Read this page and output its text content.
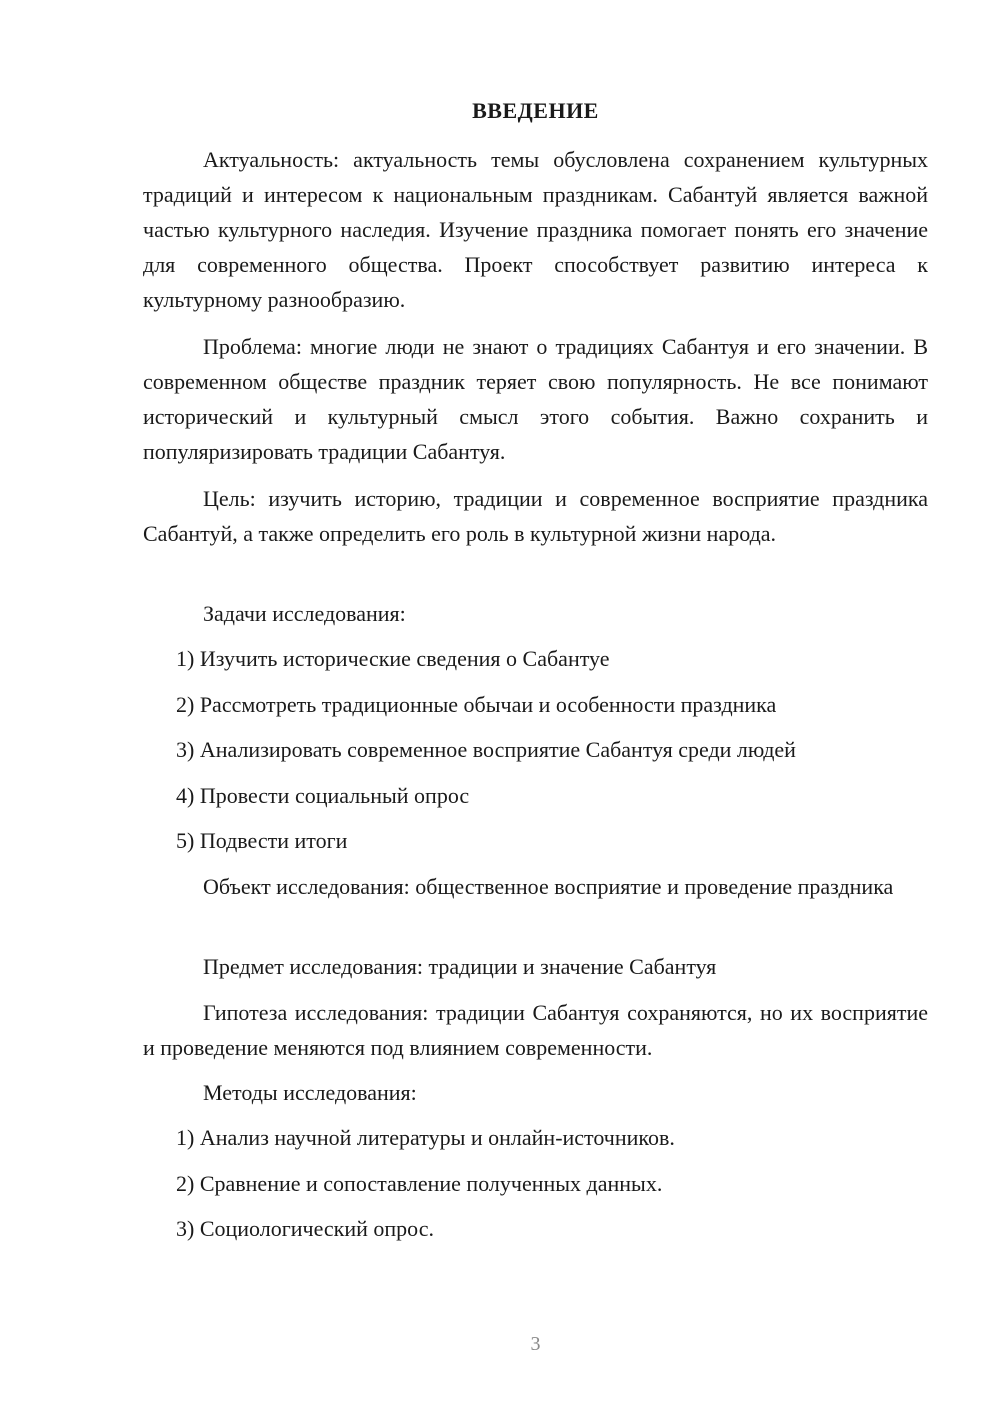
ВВЕДЕНИЕ

Актуальность: актуальность темы обусловлена сохранением культурных традиций и интересом к национальным праздникам. Сабантуй является важной частью культурного наследия. Изучение праздника помогает понять его значение для современного общества. Проект способствует развитию интереса к культурному разнообразию.

Проблема: многие люди не знают о традициях Сабантуя и его значении. В современном обществе праздник теряет свою популярность. Не все понимают исторический и культурный смысл этого события. Важно сохранить и популяризировать традиции Сабантуя.

Цель: изучить историю, традиции и современное восприятие праздника Сабантуй, а также определить его роль в культурной жизни народа.

Задачи исследования:

1) Изучить исторические сведения о Сабантуе

2) Рассмотреть традиционные обычаи и особенности праздника

3) Анализировать современное восприятие Сабантуя среди людей

4) Провести социальный опрос

5) Подвести итоги

Объект исследования: общественное восприятие и проведение праздника

Предмет исследования: традиции и значение Сабантуя

Гипотеза исследования: традиции Сабантуя сохраняются, но их восприятие и проведение меняются под влиянием современности.

Методы исследования:

1) Анализ научной литературы и онлайн-источников.

2) Сравнение и сопоставление полученных данных.

3) Социологический опрос.

3
